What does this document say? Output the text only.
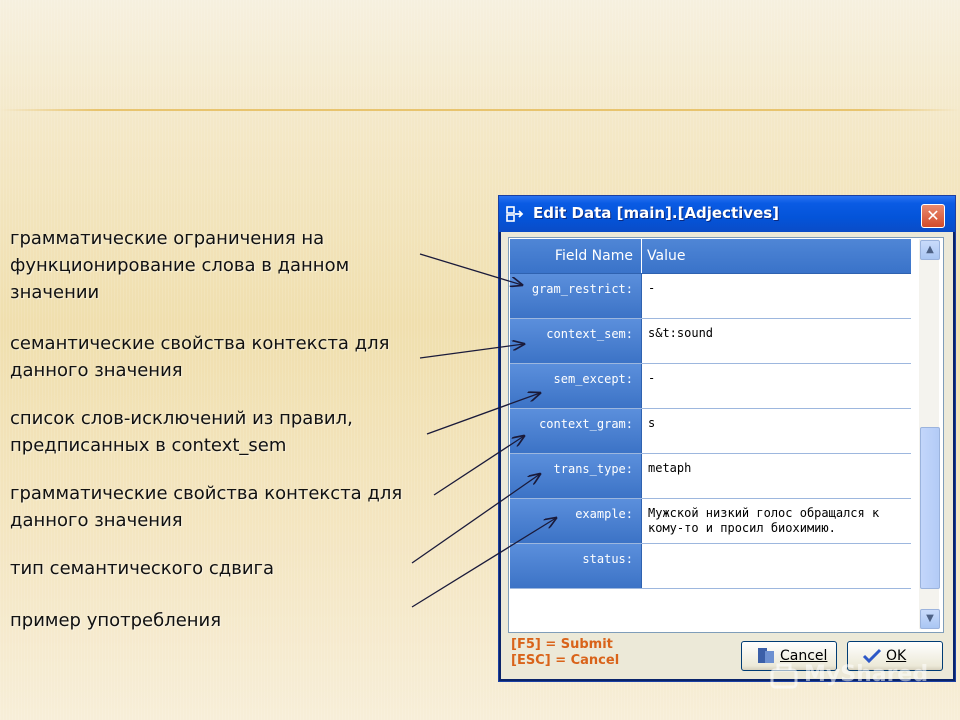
грамматические ограничения на
функционирование слова в данном
значении
семантические свойства контекста для
данного значения
список слов-исключений из правил,
предписанных в context_sem
грамматические свойства контекста для
данного значения
тип семантического сдвига
пример употребления
Edit Data [main].[Adjectives]	✕
Field Name	Value
gram_restrict:	-
context_sem:	s&t:sound
sem_except:	-
context_gram:	s
trans_type:	metaph
example:	Мужской низкий голос обращался к кому-то и просил биохимию.
status:
▲
▼
[F5] = Submit
[ESC] = Cancel	Cancel	OK
MyShared
